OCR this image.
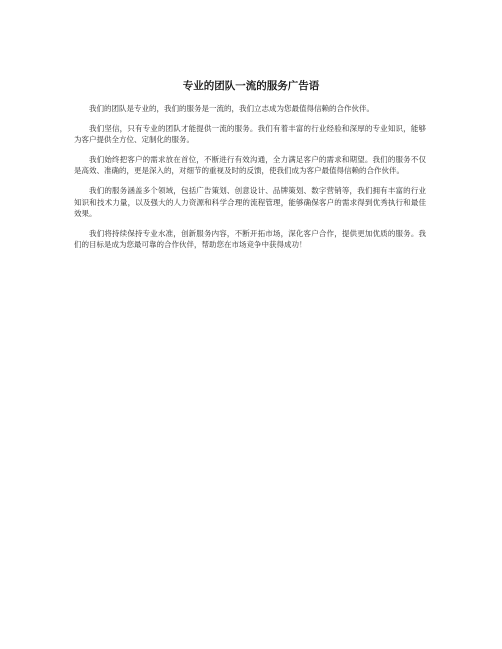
专业的团队一流的服务广告语

我们的团队是专业的，我们的服务是一流的，我们立志成为您最值得信赖的合作伙伴。

我们坚信，只有专业的团队才能提供一流的服务。我们有着丰富的行业经验和深厚的专业知识，能够为客户提供全方位、定制化的服务。

我们始终把客户的需求放在首位，不断进行有效沟通，全力满足客户的需求和期望。我们的服务不仅是高效、准确的，更是深入的，对细节的重视及时的反馈，使我们成为客户最值得信赖的合作伙伴。

我们的服务涵盖多个领域，包括广告策划、创意设计、品牌策划、数字营销等，我们拥有丰富的行业知识和技术力量，以及强大的人力资源和科学合理的流程管理，能够确保客户的需求得到优秀执行和最佳效果。

我们将持续保持专业水准，创新服务内容，不断开拓市场，深化客户合作，提供更加优质的服务。我们的目标是成为您最可靠的合作伙伴，帮助您在市场竞争中获得成功！
